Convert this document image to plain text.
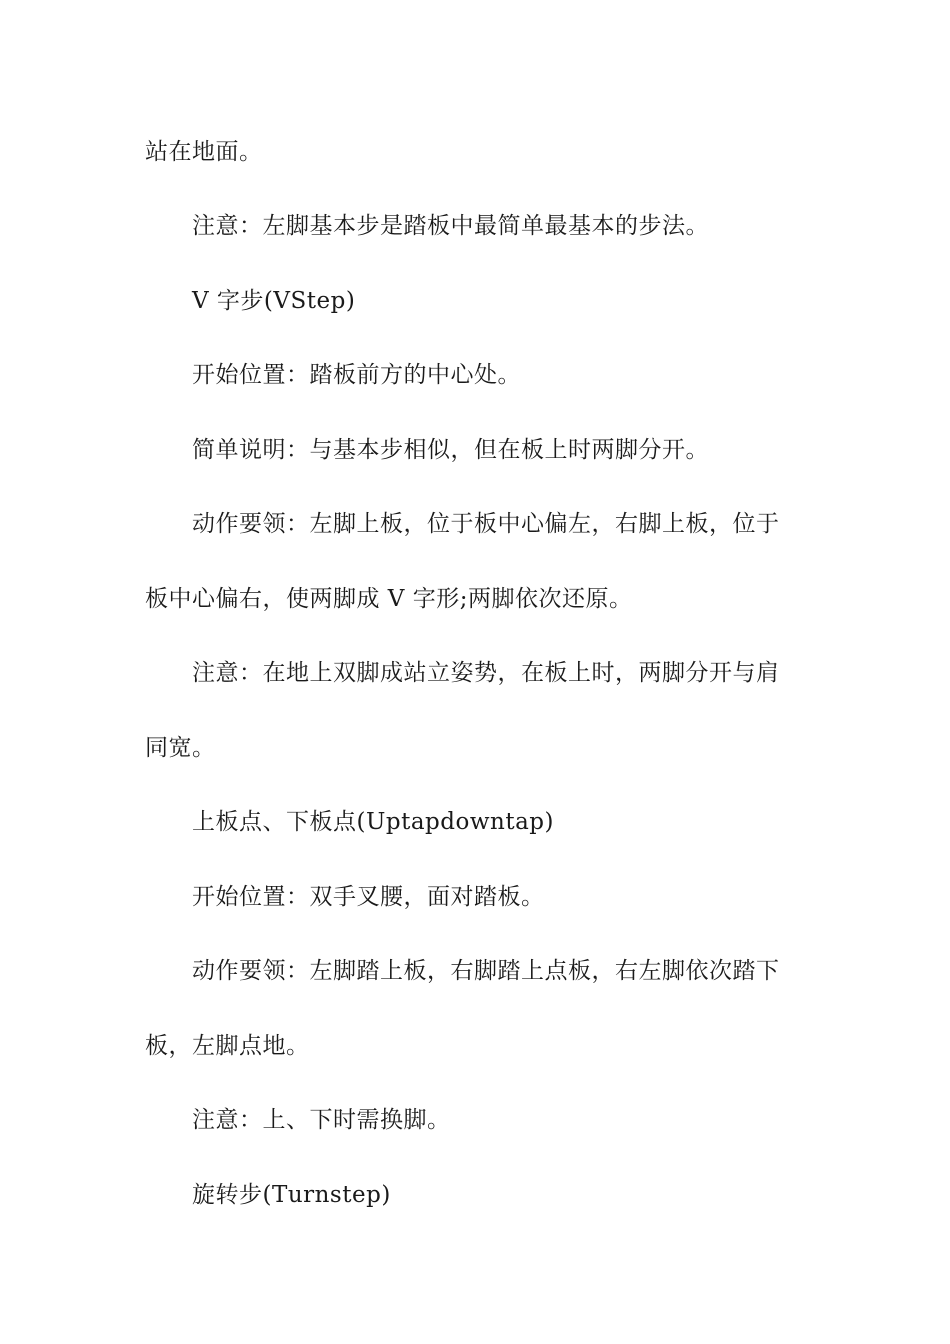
站在地面。
注意：左脚基本步是踏板中最简单最基本的步法。
V 字步(VStep)
开始位置：踏板前方的中心处。
简单说明：与基本步相似，但在板上时两脚分开。
动作要领：左脚上板，位于板中心偏左，右脚上板，位于
板中心偏右，使两脚成 V 字形;两脚依次还原。
注意：在地上双脚成站立姿势，在板上时，两脚分开与肩
同宽。
上板点、下板点(Uptapdowntap)
开始位置：双手叉腰，面对踏板。
动作要领：左脚踏上板，右脚踏上点板，右左脚依次踏下
板，左脚点地。
注意：上、下时需换脚。
旋转步(Turnstep)
